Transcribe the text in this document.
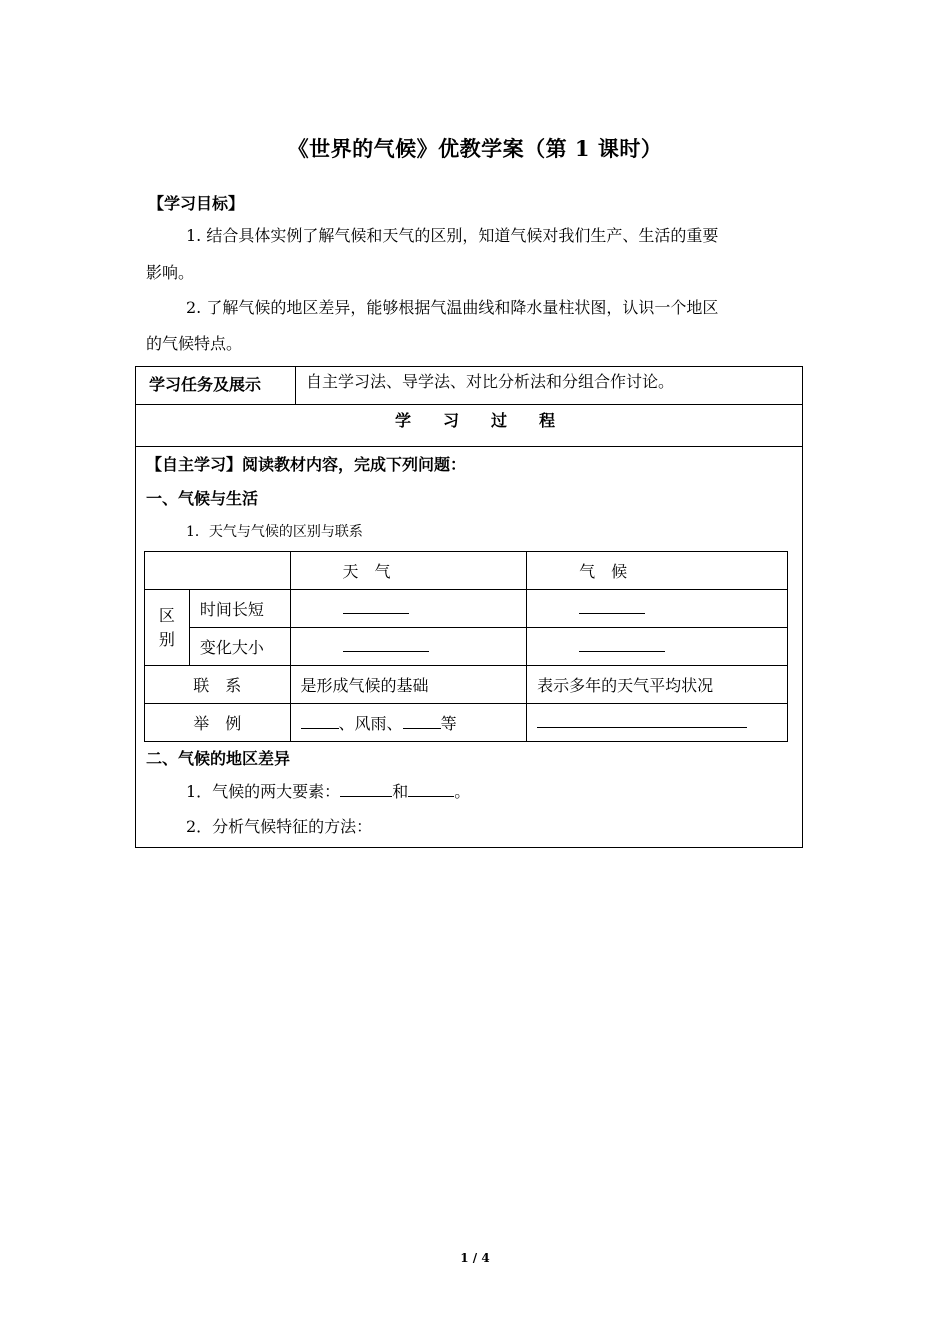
《世界的气候》优教学案（第 1 课时）
【学习目标】
1. 结合具体实例了解气候和天气的区别，知道气候对我们生产、生活的重要
影响。
2. 了解气候的地区差异，能够根据气温曲线和降水量柱状图，认识一个地区
的气候特点。
学习任务及展示	自主学习法、导学法、对比分析法和分组合作讨论。
学　　习　　过　　程
【自主学习】阅读教材内容，完成下列问题：
一、气候与生活
1．天气与气候的区别与联系
		天　气	气　候
区
别	时间长短		
	变化大小		
联　系		是形成气候的基础	表示多年的天气平均状况
举　例		、风雨、 等	
二、气候的地区差异
1．气候的两大要素：	和	。
2．分析气候特征的方法：
1 / 4
